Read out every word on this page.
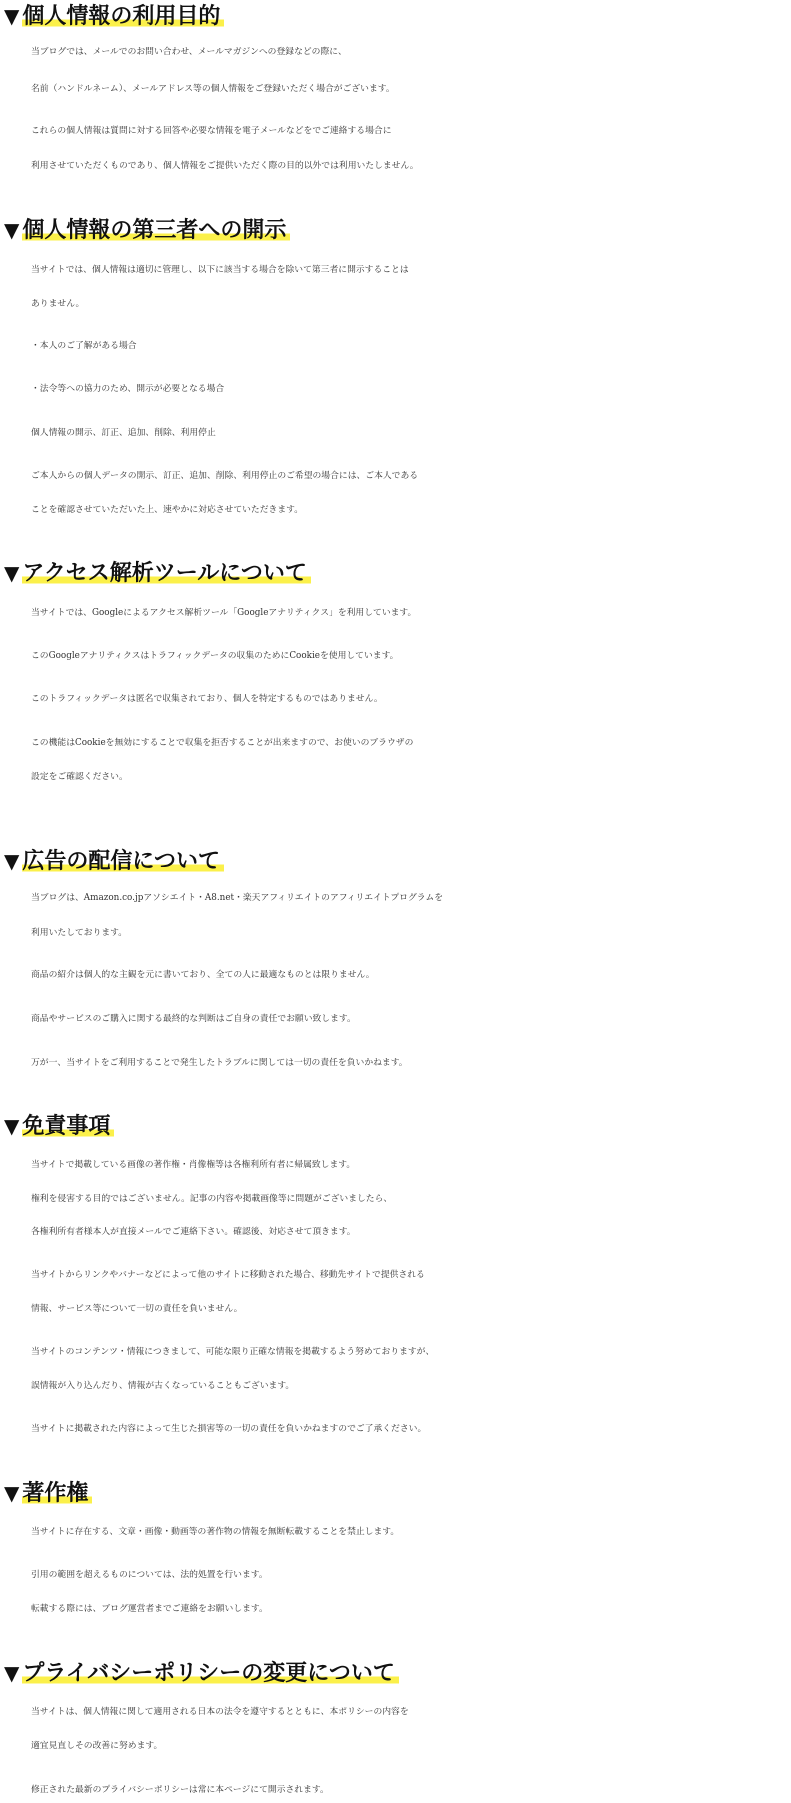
▼ 個人情報の利用目的

当ブログでは、メールでのお問い合わせ、メールマガジンへの登録などの際に、

名前（ハンドルネーム）、メールアドレス等の個人情報をご登録いただく場合がございます。

これらの個人情報は質問に対する回答や必要な情報を電子メールなどをでご連絡する場合に

利用させていただくものであり、個人情報をご提供いただく際の目的以外では利用いたしません。

▼ 個人情報の第三者への開示

当サイトでは、個人情報は適切に管理し、以下に該当する場合を除いて第三者に開示することは

ありません。

・本人のご了解がある場合

・法令等への協力のため、開示が必要となる場合

個人情報の開示、訂正、追加、削除、利用停止

ご本人からの個人データの開示、訂正、追加、削除、利用停止のご希望の場合には、ご本人である

ことを確認させていただいた上、速やかに対応させていただきます。

▼ アクセス解析ツールについて

当サイトでは、Googleによるアクセス解析ツール「Googleアナリティクス」を利用しています。

このGoogleアナリティクスはトラフィックデータの収集のためにCookieを使用しています。

このトラフィックデータは匿名で収集されており、個人を特定するものではありません。

この機能はCookieを無効にすることで収集を拒否することが出来ますので、お使いのブラウザの

設定をご確認ください。

▼ 広告の配信について

当ブログは、Amazon.co.jpアソシエイト・A8.net・楽天アフィリエイトのアフィリエイトプログラムを

利用いたしております。

商品の紹介は個人的な主観を元に書いており、全ての人に最適なものとは限りません。

商品やサービスのご購入に関する最終的な判断はご自身の責任でお願い致します。

万が一、当サイトをご利用することで発生したトラブルに関しては一切の責任を負いかねます。

▼ 免責事項

当サイトで掲載している画像の著作権・肖像権等は各権利所有者に帰属致します。

権利を侵害する目的ではございません。記事の内容や掲載画像等に問題がございましたら、

各権利所有者様本人が直接メールでご連絡下さい。確認後、対応させて頂きます。

当サイトからリンクやバナーなどによって他のサイトに移動された場合、移動先サイトで提供される

情報、サービス等について一切の責任を負いません。

当サイトのコンテンツ・情報につきまして、可能な限り正確な情報を掲載するよう努めておりますが、

誤情報が入り込んだり、情報が古くなっていることもございます。

当サイトに掲載された内容によって生じた損害等の一切の責任を負いかねますのでご了承ください。

▼ 著作権

当サイトに存在する、文章・画像・動画等の著作物の情報を無断転載することを禁止します。

引用の範囲を超えるものについては、法的処置を行います。

転載する際には、ブログ運営者までご連絡をお願いします。

▼ プライバシーポリシーの変更について

当サイトは、個人情報に関して適用される日本の法令を遵守するとともに、本ポリシーの内容を

適宜見直しその改善に努めます。

修正された最新のプライバシーポリシーは常に本ページにて開示されます。
